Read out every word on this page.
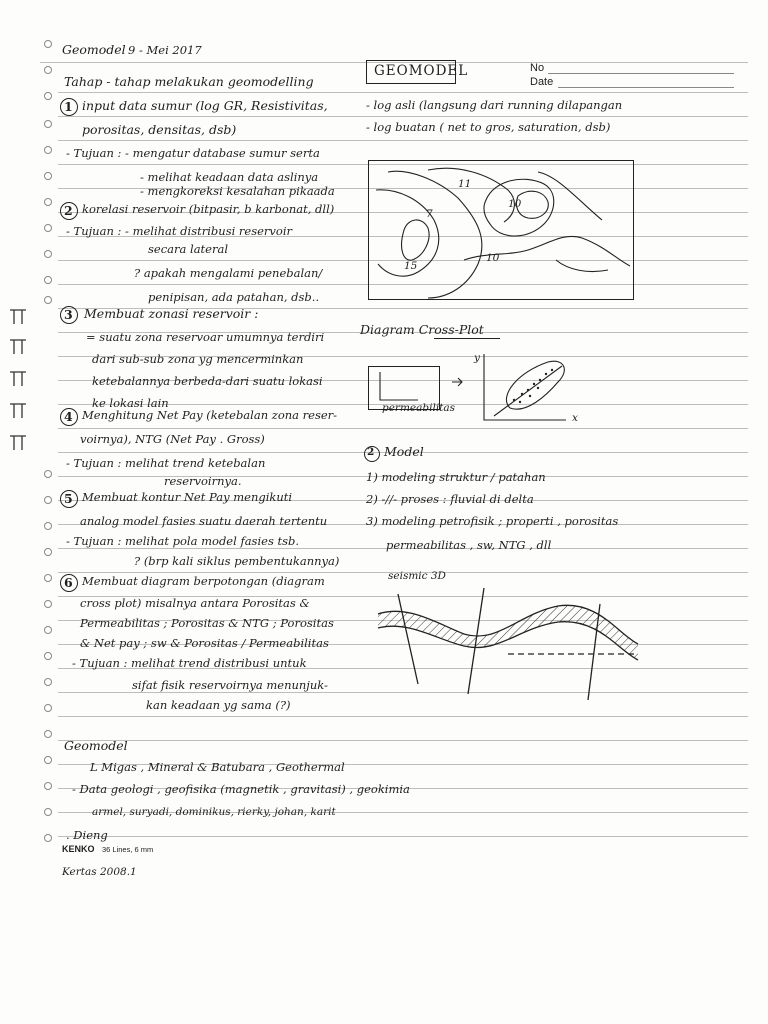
Geomodel 9 - Mei 2017
GEOMODEL	No
Date
Tahap - tahap melakukan geomodelling
1 input data sumur (log GR, Resistivitas,
porositas, densitas, dsb)
- Tujuan : - mengatur database sumur serta
- melihat keadaan data aslinya
- mengkoreksi kesalahan pikaada
2 korelasi reservoir (bitpasir, b karbonat, dll)
- Tujuan : - melihat distribusi reservoir
secara lateral
? apakah mengalami penebalan/
penipisan, ada patahan, dsb..
3 Membuat zonasi reservoir :
= suatu zona reservoar umumnya terdiri
dari sub-sub zona yg mencerminkan
ketebalannya berbeda-dari suatu lokasi
ke lokasi lain
4 Menghitung Net Pay (ketebalan zona reser-
voirnya), NTG (Net Pay . Gross)
- Tujuan : melihat trend ketebalan
reservoirnya.
5 Membuat kontur Net Pay mengikuti
analog model fasies suatu daerah tertentu
- Tujuan : melihat pola model fasies tsb.
? (brp kali siklus pembentukannya)
6 Membuat diagram berpotongan (diagram
cross plot) misalnya antara Porositas &
Permeabilitas ; Porositas & NTG ; Porositas
& Net pay ; sw & Porositas / Permeabilitas
- Tujuan : melihat trend distribusi untuk
sifat fisik reservoirnya menunjuk-
kan keadaan yg sama (?)
- log asli (langsung dari running dilapangan
- log buatan ( net to gros, saturation, dsb)
11
7
10
15
10
Diagram Cross-Plot
permeabilitas
y
x
2 Model
1) modeling struktur / patahan
2) -//- proses : fluvial di delta
3) modeling petrofisik ; properti , porositas
permeabilitas , sw, NTG , dll
seismic 3D
Geomodel
L Migas , Mineral & Batubara , Geothermal
- Data geologi , geofisika (magnetik , gravitasi) , geokimia
armel, suryadi, dominikus, rierky, johan, karit
. Dieng
KENKO 36 Lines, 6 mm
Kertas 2008.1
